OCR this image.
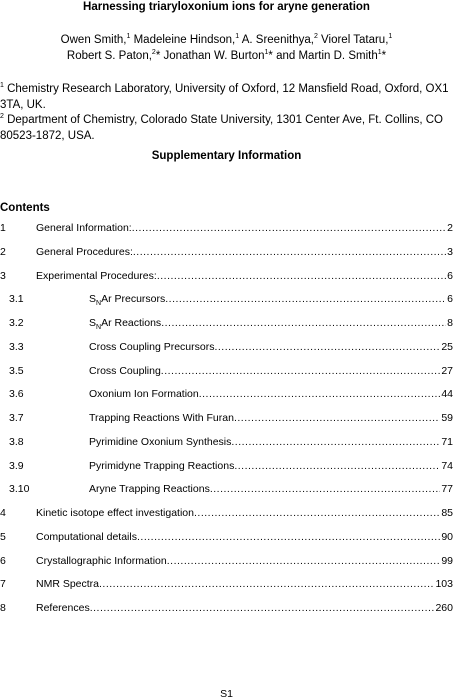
Harnessing triaryloxonium ions for aryne generation
Owen Smith,$^1$ Madeleine Hindson,$^1$ A. Sreenithya,$^2$ Viorel Tataru,$^1$
Robert S. Paton,$^2$* Jonathan W. Burton$^1$* and Martin D. Smith$^1$*
$^1$ Chemistry Research Laboratory, University of Oxford, 12 Mansfield Road, Oxford, OX1 3TA, UK.
$^2$ Department of Chemistry, Colorado State University, 1301 Center Ave, Ft. Collins, CO 80523-1872, USA.
Supplementary Information
Contents
1	General Information: .....	2
2	General Procedures: .....	3
3	Experimental Procedures: .....	6
3.1	$S_NAr$ Precursors .....	6
3.2	$S_NAr$ Reactions .....	8
3.3	Cross Coupling Precursors .....	25
3.5	Cross Coupling .....	27
3.6	Oxonium Ion Formation .....	44
3.7	Trapping Reactions With Furan .....	59
3.8	Pyrimidine Oxonium Synthesis .....	71
3.9	Pyrimidyne Trapping Reactions .....	74
3.10	Aryne Trapping Reactions .....	77
4	Kinetic isotope effect investigation .....	85
5	Computational details .....	90
6	Crystallographic Information .....	99
7	NMR Spectra .....	103
8	References .....	260
S1
